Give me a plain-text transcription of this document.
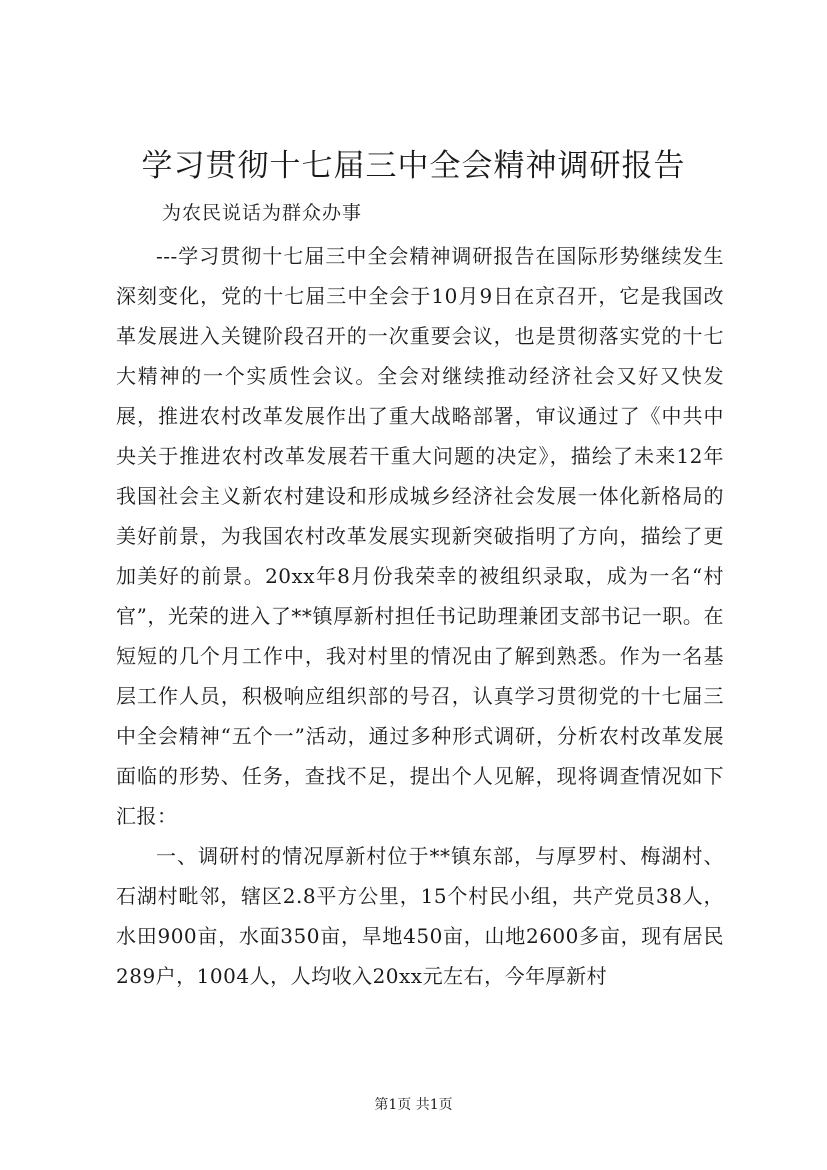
学习贯彻十七届三中全会精神调研报告
为农民说话为群众办事

---学习贯彻十七届三中全会精神调研报告在国际形势继续发生深刻变化，党的十七届三中全会于10月9日在京召开，它是我国改革发展进入关键阶段召开的一次重要会议，也是贯彻落实党的十七大精神的一个实质性会议。全会对继续推动经济社会又好又快发展，推进农村改革发展作出了重大战略部署，审议通过了《中共中央关于推进农村改革发展若干重大问题的决定》，描绘了未来12年我国社会主义新农村建设和形成城乡经济社会发展一体化新格局的美好前景，为我国农村改革发展实现新突破指明了方向，描绘了更加美好的前景。20xx年8月份我荣幸的被组织录取，成为一名“村官”，光荣的进入了**镇厚新村担任书记助理兼团支部书记一职。在短短的几个月工作中，我对村里的情况由了解到熟悉。作为一名基层工作人员，积极响应组织部的号召，认真学习贯彻党的十七届三中全会精神“五个一”活动，通过多种形式调研，分析农村改革发展面临的形势、任务，查找不足，提出个人见解，现将调查情况如下汇报：

一、调研村的情况厚新村位于**镇东部，与厚罗村、梅湖村、石湖村毗邻，辖区2.8平方公里，15个村民小组，共产党员38人，水田900亩，水面350亩，旱地450亩，山地2600多亩，现有居民289户，1004人，人均收入20xx元左右，今年厚新村

第1页 共1页
